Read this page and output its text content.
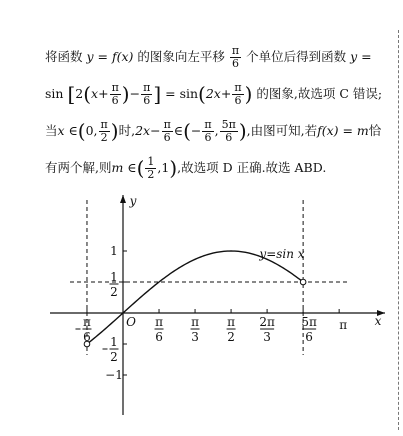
将函数 y = f(x) 的图象向左平移 $\frac{\pi}{6}$ 个单位后得到函数 y =
$\sin [2(x+ \frac{\pi}{6}$ )− $\frac{\pi}{6}$ ] = $\sin(2x+ \frac{\pi}{6}$ ) 的图象,故选项 C 错误;
当x ∈(0, $\frac{\pi}{2}$ )时$,2x- \frac{\pi}{6}$ ∈(− $\frac{\pi}{6}$ , $\frac{5\pi}{6}$ ),由图可知,若f(x) = m恰
有两个解,则m ∈( $\frac{1}{2} ,1$),故选项 D 正确.故选 ABD.
x
y
π
6
O π
6
π
3
π
2
2π
3
5π
6
π
1
1
2
1
2
−1
y=sin x
